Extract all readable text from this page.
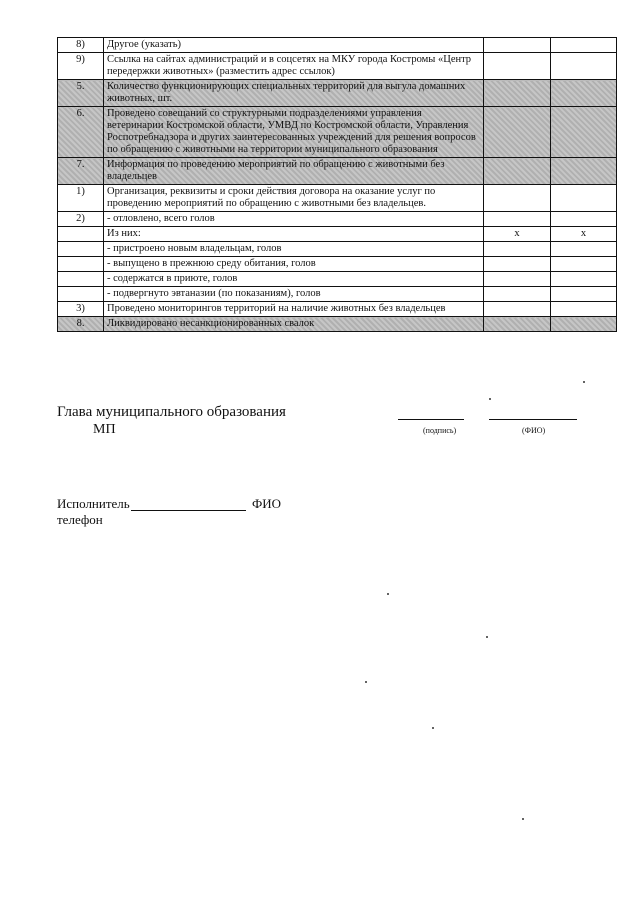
8)	Другое (указать)		
9)	Ссылка на сайтах администраций и в соцсетях на МКУ города Костромы «Центр передержки животных» (разместить адрес ссылок)		
5.	Количество функционирующих специальных территорий для выгула домашних животных, шт.		
6.	Проведено совещаний со структурными подразделениями управления ветеринарии Костромской области, УМВД по Костромской области, Управления Роспотребнадзора и других заинтересованных учреждений для решения вопросов по обращению с животными на территории муниципального образования		
7.	Информация по проведению мероприятий по обращению с животными без владельцев		
1)	Организация, реквизиты и сроки действия договора на оказание услуг по проведению мероприятий по обращению с животными без владельцев.		
2)	- отловлено, всего голов		
	Из них:	х	х
	- пристроено новым владельцам, голов		
	- выпущено в прежнюю среду обитания, голов		
	- содержатся в приюте, голов		
	- подвергнуто эвтаназии (по показаниям), голов		
3)	Проведено мониторингов территорий на наличие животных без владельцев		
8.	Ликвидировано несанкционированных свалок		
Глава муниципального образования
МП	(подпись)	(ФИО)
Исполнитель	ФИО
телефон
